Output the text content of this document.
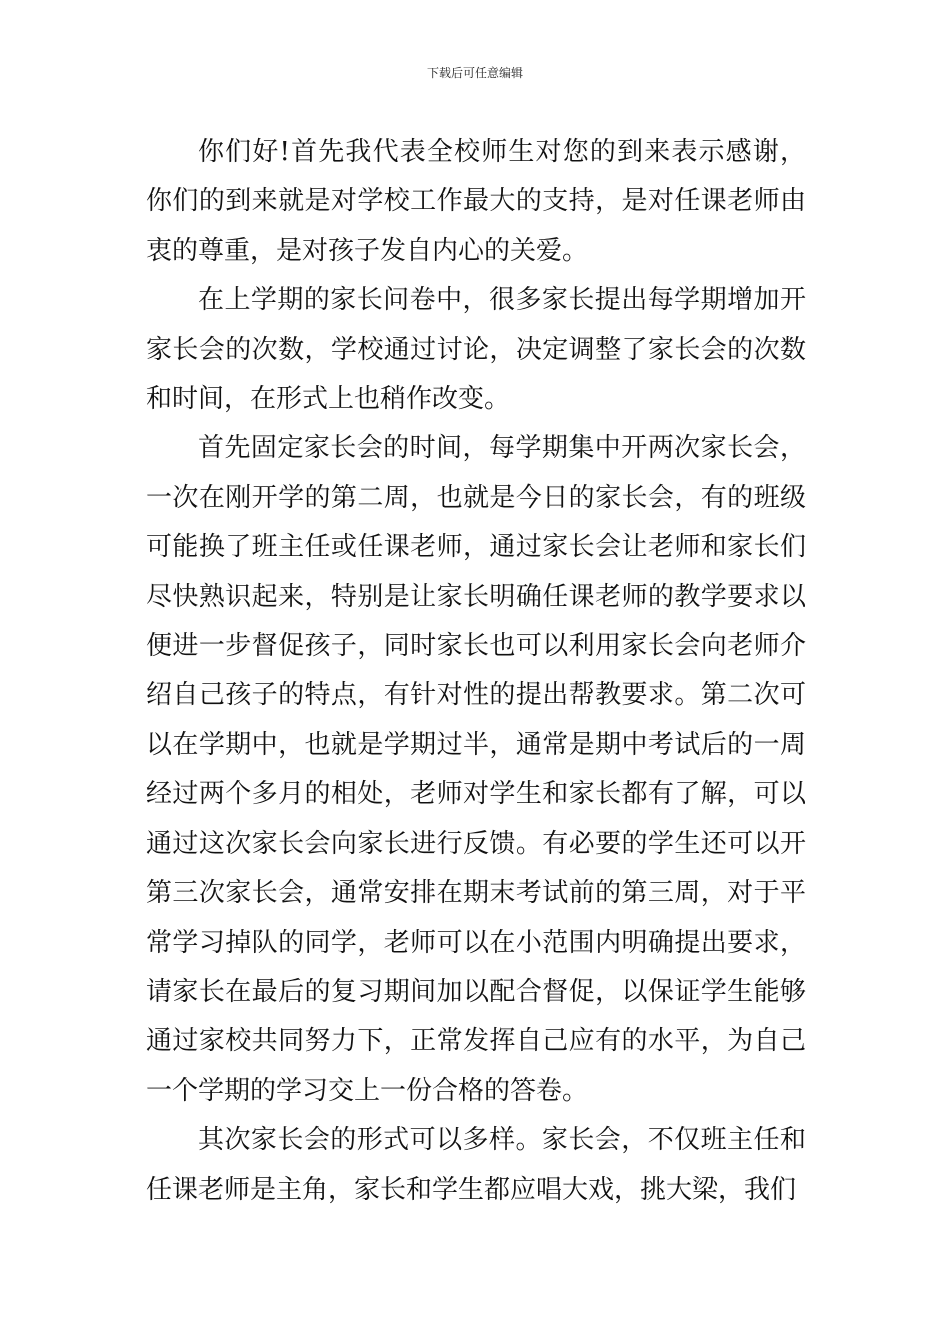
下载后可任意编辑

你们好!首先我代表全校师生对您的到来表示感谢，你们的到来就是对学校工作最大的支持，是对任课老师由衷的尊重，是对孩子发自内心的关爱。

在上学期的家长问卷中，很多家长提出每学期增加开家长会的次数，学校通过讨论，决定调整了家长会的次数和时间，在形式上也稍作改变。

首先固定家长会的时间，每学期集中开两次家长会，一次在刚开学的第二周，也就是今日的家长会，有的班级可能换了班主任或任课老师，通过家长会让老师和家长们尽快熟识起来，特别是让家长明确任课老师的教学要求以便进一步督促孩子，同时家长也可以利用家长会向老师介绍自己孩子的特点，有针对性的提出帮教要求。第二次可以在学期中，也就是学期过半，通常是期中考试后的一周经过两个多月的相处，老师对学生和家长都有了解，可以通过这次家长会向家长进行反馈。有必要的学生还可以开第三次家长会，通常安排在期末考试前的第三周，对于平常学习掉队的同学，老师可以在小范围内明确提出要求，请家长在最后的复习期间加以配合督促，以保证学生能够通过家校共同努力下，正常发挥自己应有的水平，为自己一个学期的学习交上一份合格的答卷。

其次家长会的形式可以多样。家长会，不仅班主任和任课老师是主角，家长和学生都应唱大戏，挑大梁，我们
